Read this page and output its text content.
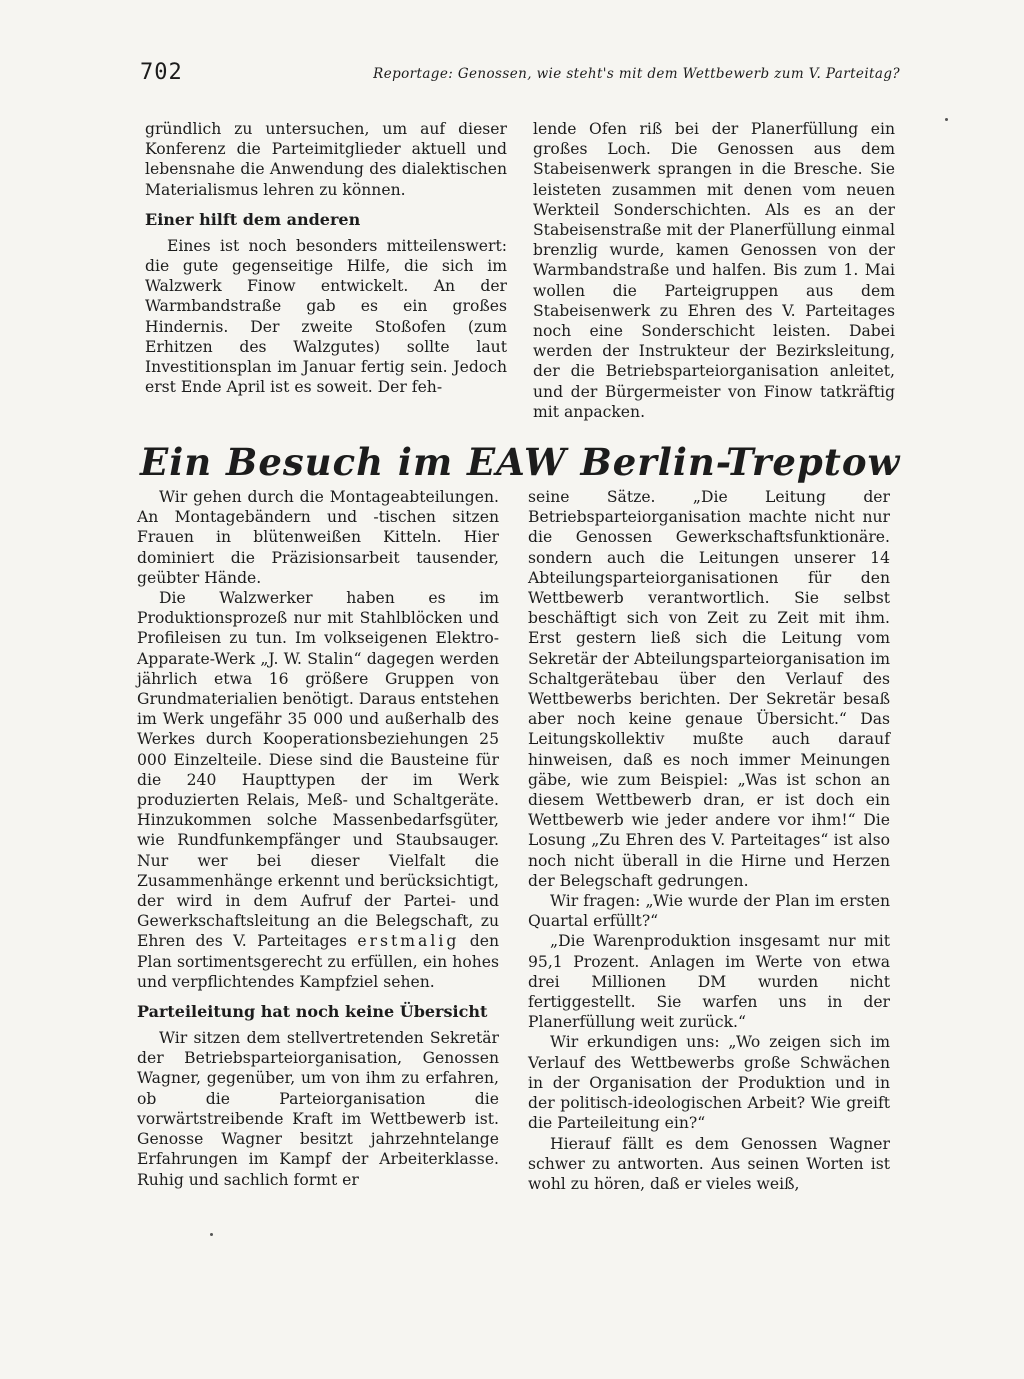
702	Reportage: Genossen, wie steht's mit dem Wettbewerb zum V. Parteitag?

gründlich zu untersuchen, um auf dieser Konferenz die Parteimitglieder aktuell und lebensnahe die Anwendung des dialektischen Materialismus lehren zu können.

Einer hilft dem anderen

Eines ist noch besonders mitteilenswert: die gute gegenseitige Hilfe, die sich im Walzwerk Finow entwickelt. An der Warmbandstraße gab es ein großes Hindernis. Der zweite Stoßofen (zum Erhitzen des Walzgutes) sollte laut Investitionsplan im Januar fertig sein. Jedoch erst Ende April ist es soweit. Der feh-

lende Ofen riß bei der Planerfüllung ein großes Loch. Die Genossen aus dem Stabeisenwerk sprangen in die Bresche. Sie leisteten zusammen mit denen vom neuen Werkteil Sonderschichten. Als es an der Stabeisenstraße mit der Planerfüllung einmal brenzlig wurde, kamen Genossen von der Warmbandstraße und halfen. Bis zum 1. Mai wollen die Parteigruppen aus dem Stabeisenwerk zu Ehren des V. Parteitages noch eine Sonderschicht leisten. Dabei werden der Instrukteur der Bezirksleitung, der die Betriebsparteiorganisation anleitet, und der Bürgermeister von Finow tatkräftig mit anpacken.

Ein Besuch im EAW Berlin-Treptow

Wir gehen durch die Montageabteilungen. An Montagebändern und -tischen sitzen Frauen in blütenweißen Kitteln. Hier dominiert die Präzisionsarbeit tausender, geübter Hände.

Die Walzwerker haben es im Produktionsprozeß nur mit Stahlblöcken und Profileisen zu tun. Im volkseigenen Elektro-Apparate-Werk „J. W. Stalin“ dagegen werden jährlich etwa 16 größere Gruppen von Grundmaterialien benötigt. Daraus entstehen im Werk ungefähr 35 000 und außerhalb des Werkes durch Kooperationsbeziehungen 25 000 Einzelteile. Diese sind die Bausteine für die 240 Haupttypen der im Werk produzierten Relais, Meß- und Schaltgeräte. Hinzukommen solche Massenbedarfsgüter, wie Rundfunkempfänger und Staubsauger. Nur wer bei dieser Vielfalt die Zusammenhänge erkennt und berücksichtigt, der wird in dem Aufruf der Partei- und Gewerkschaftsleitung an die Belegschaft, zu Ehren des V. Parteitages erstmalig den Plan sortimentsgerecht zu erfüllen, ein hohes und verpflichtendes Kampfziel sehen.

Parteileitung hat noch keine Übersicht

Wir sitzen dem stellvertretenden Sekretär der Betriebsparteiorganisation, Genossen Wagner, gegenüber, um von ihm zu erfahren, ob die Parteiorganisation die vorwärtstreibende Kraft im Wettbewerb ist. Genosse Wagner besitzt jahrzehntelange Erfahrungen im Kampf der Arbeiterklasse. Ruhig und sachlich formt er

seine Sätze. „Die Leitung der Betriebsparteiorganisation machte nicht nur die Genossen Gewerkschaftsfunktionäre. sondern auch die Leitungen unserer 14 Abteilungsparteiorganisationen für den Wettbewerb verantwortlich. Sie selbst beschäftigt sich von Zeit zu Zeit mit ihm. Erst gestern ließ sich die Leitung vom Sekretär der Abteilungsparteiorganisation im Schaltgerätebau über den Verlauf des Wettbewerbs berichten. Der Sekretär besaß aber noch keine genaue Übersicht.“ Das Leitungskollektiv mußte auch darauf hinweisen, daß es noch immer Meinungen gäbe, wie zum Beispiel: „Was ist schon an diesem Wettbewerb dran, er ist doch ein Wettbewerb wie jeder andere vor ihm!“ Die Losung „Zu Ehren des V. Parteitages“ ist also noch nicht überall in die Hirne und Herzen der Belegschaft gedrungen.

Wir fragen: „Wie wurde der Plan im ersten Quartal erfüllt?“

„Die Warenproduktion insgesamt nur mit 95,1 Prozent. Anlagen im Werte von etwa drei Millionen DM wurden nicht fertiggestellt. Sie warfen uns in der Planerfüllung weit zurück.“

Wir erkundigen uns: „Wo zeigen sich im Verlauf des Wettbewerbs große Schwächen in der Organisation der Produktion und in der politisch-ideologischen Arbeit? Wie greift die Parteileitung ein?“

Hierauf fällt es dem Genossen Wagner schwer zu antworten. Aus seinen Worten ist wohl zu hören, daß er vieles weiß,
